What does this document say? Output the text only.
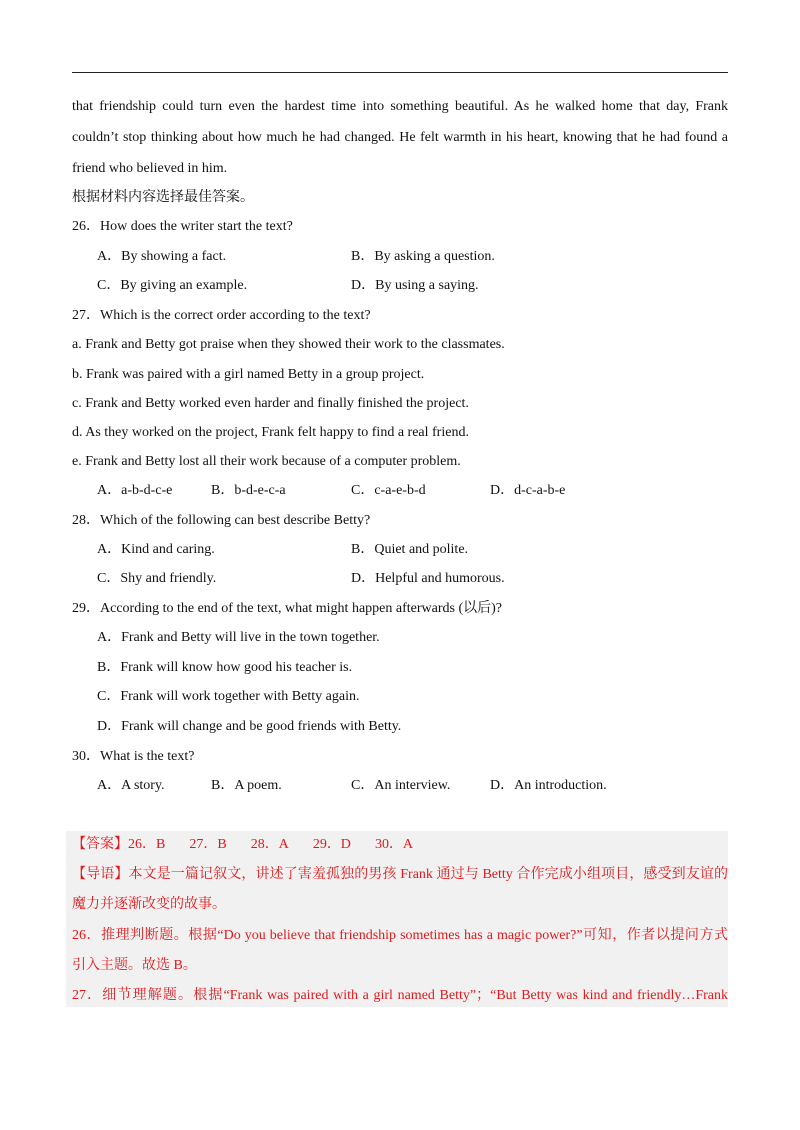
that friendship could turn even the hardest time into something beautiful. As he walked home that day, Frank
couldn’t stop thinking about how much he had changed. He felt warmth in his heart, knowing that he had found a
friend who believed in him.
根据材料内容选择最佳答案。
26．How does the writer start the text?
A．By showing a fact.	B．By asking a question.
C．By giving an example.	D．By using a saying.
27．Which is the correct order according to the text?
a. Frank and Betty got praise when they showed their work to the classmates.
b. Frank was paired with a girl named Betty in a group project.
c. Frank and Betty worked even harder and finally finished the project.
d. As they worked on the project, Frank felt happy to find a real friend.
e. Frank and Betty lost all their work because of a computer problem.
A．a-b-d-c-e	B．b-d-e-c-a	C．c-a-e-b-d	D．d-c-a-b-e
28．Which of the following can best describe Betty?
A．Kind and caring.	B．Quiet and polite.
C．Shy and friendly.	D．Helpful and humorous.
29．According to the end of the text, what might happen afterwards (以后)?
A．Frank and Betty will live in the town together.
B．Frank will know how good his teacher is.
C．Frank will work together with Betty again.
D．Frank will change and be good friends with Betty.
30．What is the text?
A．A story.	B．A poem.	C．An interview.	D．An introduction.
【答案】26．B 27．B 28．A 29．D 30．A
【导语】本文是一篇记叙文，讲述了害羞孤独的男孩 Frank 通过与 Betty 合作完成小组项目，感受到友谊的
魔力并逐渐改变的故事。
26．推理判断题。根据“Do you believe that friendship sometimes has a magic power?”可知，作者以提问方式
引入主题。故选 B。
27．细节理解题。根据“Frank was paired with a girl named Betty”；“But Betty was kind and friendly…Frank
